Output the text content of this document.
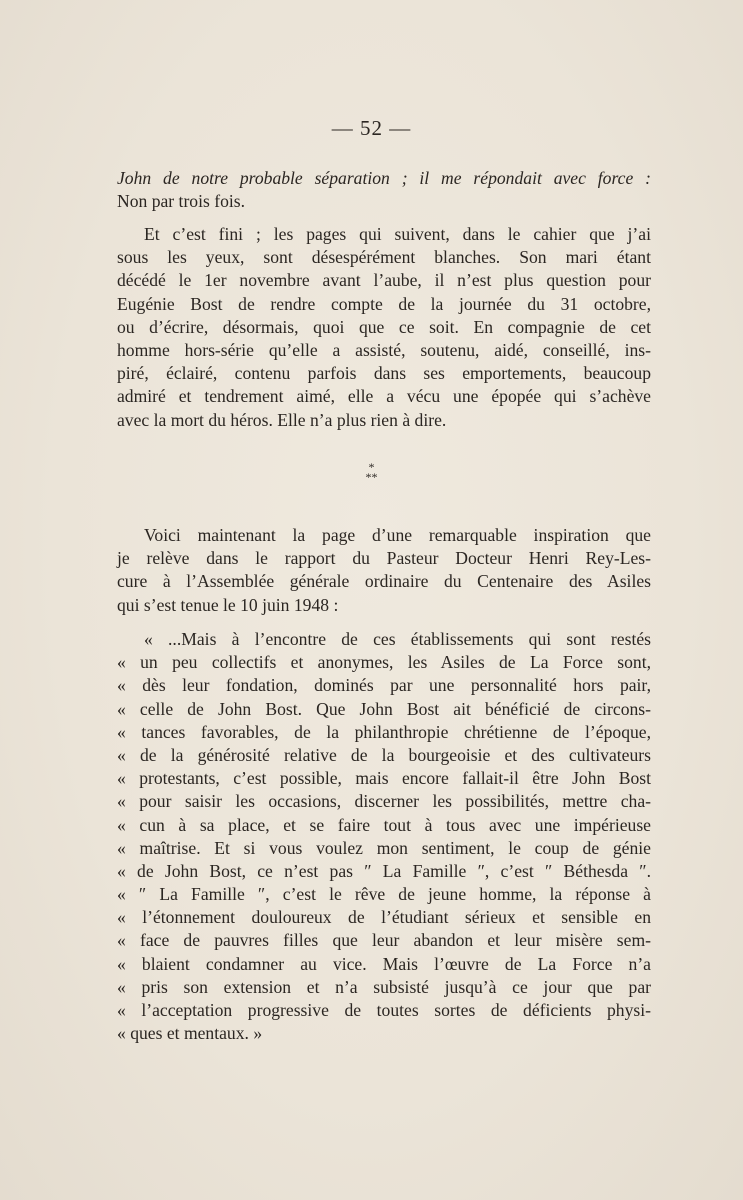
— 52 —
John de notre probable séparation ; il me répondait avec force :
Non par trois fois.
Et c’est fini ; les pages qui suivent, dans le cahier que j’ai
sous les yeux, sont désespérément blanches. Son mari étant
décédé le 1er novembre avant l’aube, il n’est plus question pour
Eugénie Bost de rendre compte de la journée du 31 octobre,
ou d’écrire, désormais, quoi que ce soit. En compagnie de cet
homme hors-série qu’elle a assisté, soutenu, aidé, conseillé, ins-
piré, éclairé, contenu parfois dans ses emportements, beaucoup
admiré et tendrement aimé, elle a vécu une épopée qui s’achève
avec la mort du héros. Elle n’a plus rien à dire.
*
**
Voici maintenant la page d’une remarquable inspiration que
je relève dans le rapport du Pasteur Docteur Henri Rey-Les-
cure à l’Assemblée générale ordinaire du Centenaire des Asiles
qui s’est tenue le 10 juin 1948 :
« ...Mais à l’encontre de ces établissements qui sont restés
« un peu collectifs et anonymes, les Asiles de La Force sont,
« dès leur fondation, dominés par une personnalité hors pair,
« celle de John Bost. Que John Bost ait bénéficié de circons-
« tances favorables, de la philanthropie chrétienne de l’époque,
« de la générosité relative de la bourgeoisie et des cultivateurs
« protestants, c’est possible, mais encore fallait-il être John Bost
« pour saisir les occasions, discerner les possibilités, mettre cha-
« cun à sa place, et se faire tout à tous avec une impérieuse
« maîtrise. Et si vous voulez mon sentiment, le coup de génie
« de John Bost, ce n’est pas ″ La Famille ″, c’est ″ Béthesda ″.
« ″ La Famille ″, c’est le rêve de jeune homme, la réponse à
« l’étonnement douloureux de l’étudiant sérieux et sensible en
« face de pauvres filles que leur abandon et leur misère sem-
« blaient condamner au vice. Mais l’œuvre de La Force n’a
« pris son extension et n’a subsisté jusqu’à ce jour que par
« l’acceptation progressive de toutes sortes de déficients physi-
« ques et mentaux. »
